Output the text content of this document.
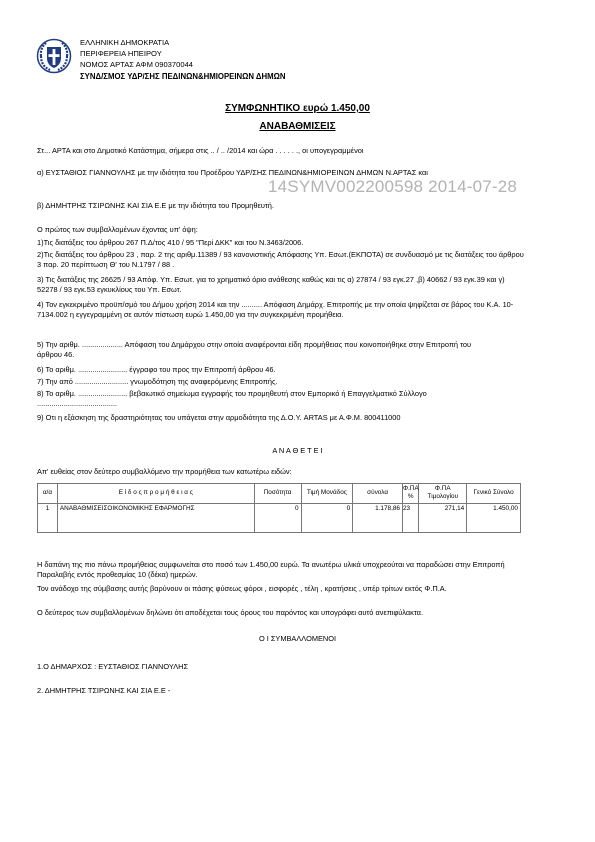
ΕΛΛΗΝΙΚΗ ΔΗΜΟΚΡΑΤΙΑ
ΠΕΡΙΦΕΡΕΙΑ ΗΠΕΙΡΟΥ
ΝΟΜΟΣ ΑΡΤΑΣ ΑΦΜ 090370044
ΣΥΝΔ/ΣΜΟΣ ΥΔΡ/ΣΗΣ ΠΕΔΙΝΩΝ&ΗΜΙΟΡΕΙΝΩΝ ΔΗΜΩΝ
ΣΥΜΦΩΝΗΤΙΚΟ ευρώ 1.450,00
ΑΝΑΒΑΘΜΙΣΕΙΣ
Στ... ΑΡΤΑ και στο Δημοτικό Κατάστημα, σήμερα στις .. / .. /2014 και ώρα . . . . . ., οι υπογεγραμμένοι
α) ΕΥΣΤΑΘΙΟΣ ΓΙΑΝΝΟΥΛΗΣ με την ιδιότητα του Προέδρου ΥΔΡ/ΣΗΣ ΠΕΔΙΝΩΝ&ΗΜΙΟΡΕΙΝΩΝ ΔΗΜΩΝ Ν.ΑΡΤΑΣ και
14SYMV002200598 2014-07-28
β) ΔΗΜΗΤΡΗΣ ΤΣΙΡΩΝΗΣ ΚΑΙ ΣΙΑ Ε.Ε με την ιδιότητα του Προμηθευτή.
Ο πρώτος των συμβαλλομένων έχοντας υπ' όψη:
1)Τις διατάξεις του άρθρου 267 Π.Δ/τος 410 / 95 "Περί ΔΚΚ" και του Ν.3463/2006.
2)Τις διατάξεις του άρθρου 23 , παρ. 2 της αριθμ.11389 / 93 κανονιστικής Απόφασης Υπ. Εσωτ.(ΕΚΠΟΤΑ) σε συνδυασμό με τις διατάξεις του άρθρου 3 παρ. 20 περίπτωση Θ' του Ν.1797 / 88 .
3) Τις διατάξεις της 26625 / 93 Απόφ. Υπ. Εσωτ. για το χρηματικό όριο ανάθεσης καθώς και τις α) 27874 / 93 εγκ.27 ,β) 40662 / 93 εγκ.39 και γ) 52278 / 93 εγκ.53 εγκυκλίους του Υπ. Εσωτ.
4) Τον εγκεκριμένο προϋπ/σμό του Δήμου χρήση 2014 και την .......... Απόφαση Δημάρχ. Επιτροπής με την οποία ψηφίζεται σε βάρος του Κ.Α. 10-7134.002 η εγγεγραμμένη σε αυτόν πίστωση ευρώ 1.450,00 για την συγκεκριμένη προμήθεια.
5) Την αριθμ. .................... Απόφαση του Δημάρχου στην οποία αναφέρονται είδη προμήθειας που κοινοποιήθηκε στην Επιτροπή του άρθρου 46.
6) Το αριθμ. ........................ έγγραφο του προς την Επιτροπή άρθρου 46.
7) Την από .......................... γνωμοδότηση της αναφερόμενης Επιτροπής.
8) Το αριθμ. ........................ βεβαιωτικό σημείωμα εγγραφής του προμηθευτή στον Εμπορικό ή Επαγγελματικό Σύλλογο .......................................
9) Οτι η εξάσκηση της δραστηριότητας του υπάγεται στην αρμοδιότητα της Δ.Ο.Υ. ARTAS με Α.Φ.Μ. 800411000
Α Ν Α Θ Ε Τ Ε Ι
Απ' ευθείας στον δεύτερο συμβαλλόμενο την προμήθεια των κατωτέρω ειδών:
α/α	Ε ί δ ο ς π ρ ο μ ή θ ε ι α ς	Ποσότητα	Τιμή Μονάδος	σύνολα	Φ.ΠΑ %	Φ.ΠΑ Τιμολογίου	Γενικό Σύνολο
1	ΑΝΑΒΑΘΜΙΣΕΙΣΟΙΚΟΝΟΜΙΚΗΣ ΕΦΑΡΜΟΓΗΣ	0	0	1.178,86	23	271,14	1.450,00
Η δαπάνη της πιο πάνω προμήθειας συμφωνείται στο ποσό των 1.450,00 ευρώ. Τα ανωτέρω υλικά υποχρεούται να παραδώσει στην Επιτροπή Παραλαβής εντός προθεσμίας 10 (δέκα) ημερών.
Τον ανάδοχο της σύμβασης αυτής βαρύνουν οι πάσης φύσεως φόροι , εισφορές , τέλη , κρατήσεις , υπέρ τρίτων εκτός Φ.Π.Α.
Ο δεύτερος των συμβαλλομένων δηλώνει ότι αποδέχεται τους όρους του παρόντος και υπογράφει αυτό ανεπιφύλακτα.
Ο Ι ΣΥΜΒΑΛΛΟΜΕΝΟΙ
1.Ο ΔΗΜΑΡΧΟΣ : ΕΥΣΤΑΘΙΟΣ ΓΙΑΝΝΟΥΛΗΣ
2. ΔΗΜΗΤΡΗΣ ΤΣΙΡΩΝΗΣ ΚΑΙ ΣΙΑ Ε.Ε -
